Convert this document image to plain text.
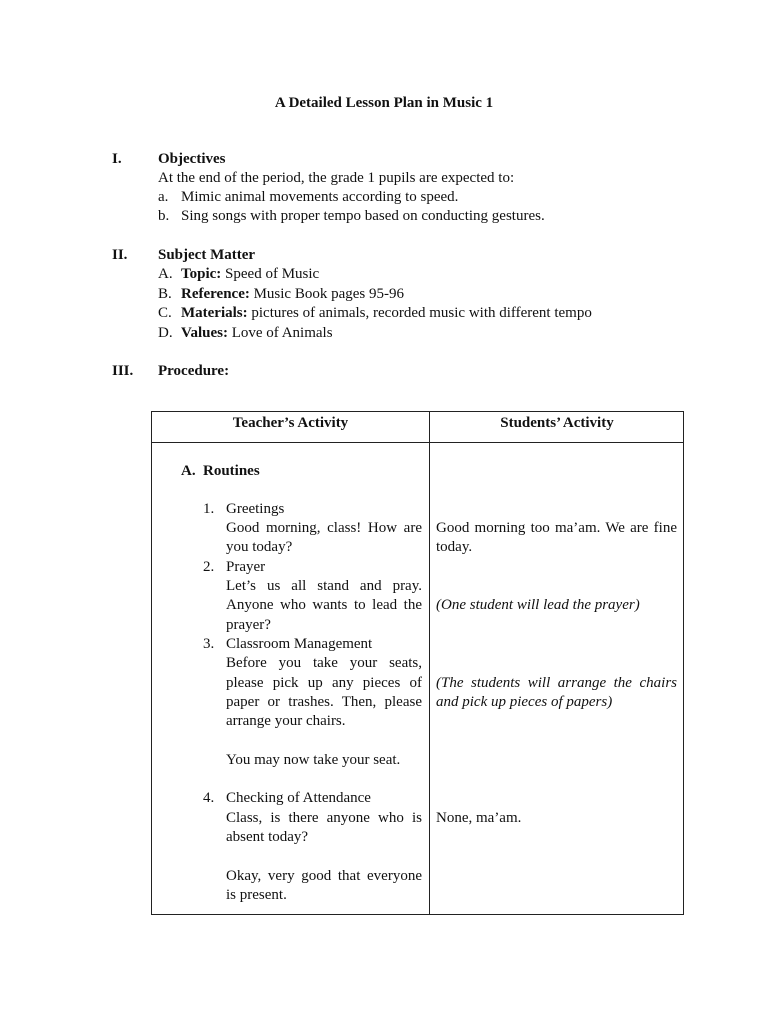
A Detailed Lesson Plan in Music 1
I. Objectives
At the end of the period, the grade 1 pupils are expected to:
a. Mimic animal movements according to speed.
b. Sing songs with proper tempo based on conducting gestures.
II. Subject Matter
A. Topic: Speed of Music
B. Reference: Music Book pages 95-96
C. Materials: pictures of animals, recorded music with different tempo
D. Values: Love of Animals
III. Procedure:
Teacher’s Activity	Students’ Activity
A. Routines
1. Greetings
Good morning, class! How are
you today?
Good morning too ma’am. We are fine
today.
2. Prayer
Let’s us all stand and pray.
Anyone who wants to lead the
prayer?
(One student will lead the prayer)
3. Classroom Management
Before you take your seats,
please pick up any pieces of
paper or trashes. Then, please
arrange your chairs.
You may now take your seat.
(The students will arrange the chairs
and pick up pieces of papers)
4. Checking of Attendance
Class, is there anyone who is
absent today?
Okay, very good that everyone
is present.
None, ma’am.
